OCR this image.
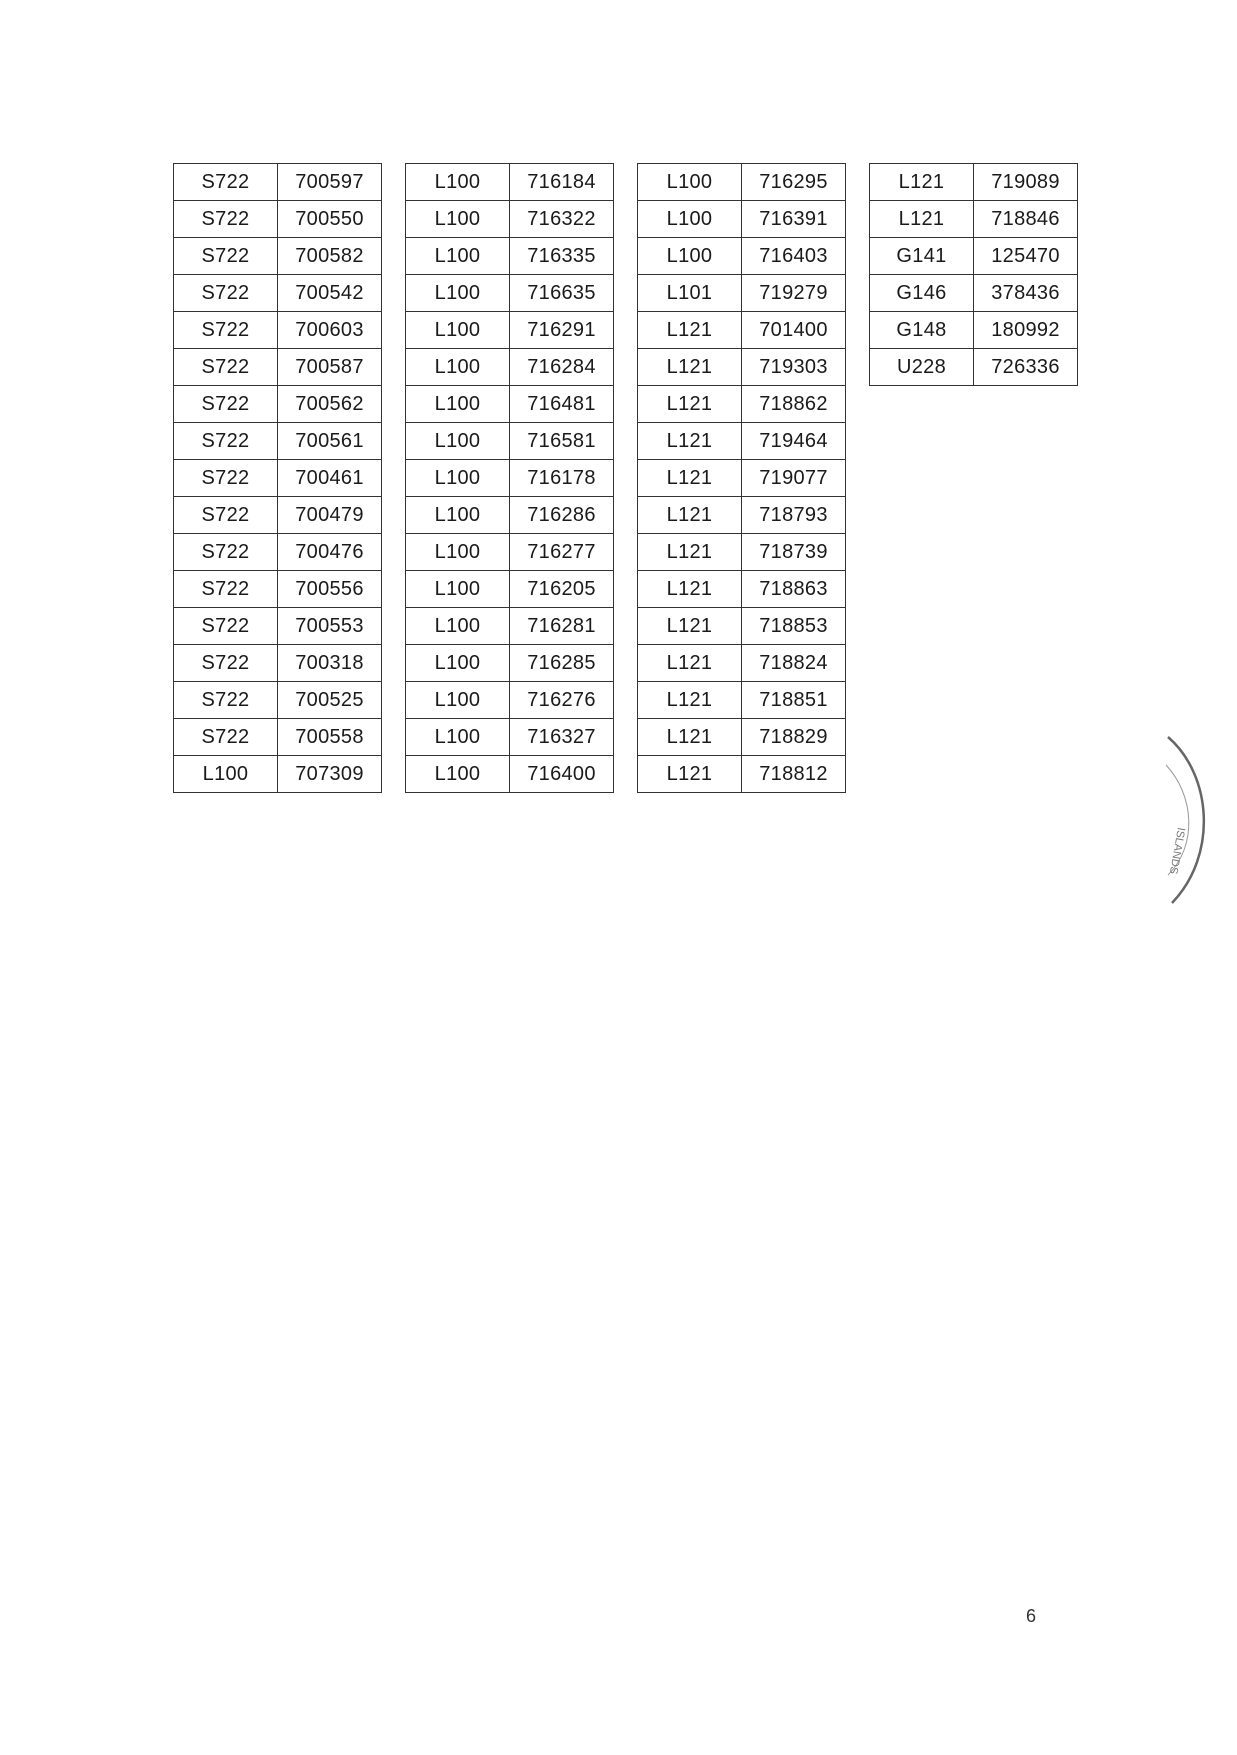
S722	700597
S722	700550
S722	700582
S722	700542
S722	700603
S722	700587
S722	700562
S722	700561
S722	700461
S722	700479
S722	700476
S722	700556
S722	700553
S722	700318
S722	700525
S722	700558
L100	707309
L100	716184
L100	716322
L100	716335
L100	716635
L100	716291
L100	716284
L100	716481
L100	716581
L100	716178
L100	716286
L100	716277
L100	716205
L100	716281
L100	716285
L100	716276
L100	716327
L100	716400
L100	716295
L100	716391
L100	716403
L101	719279
L121	701400
L121	719303
L121	718862
L121	719464
L121	719077
L121	718793
L121	718739
L121	718863
L121	718853
L121	718824
L121	718851
L121	718829
L121	718812
L121	719089
L121	718846
G141	125470
G146	378436
G148	180992
U228	726336
ISLANDS
6
